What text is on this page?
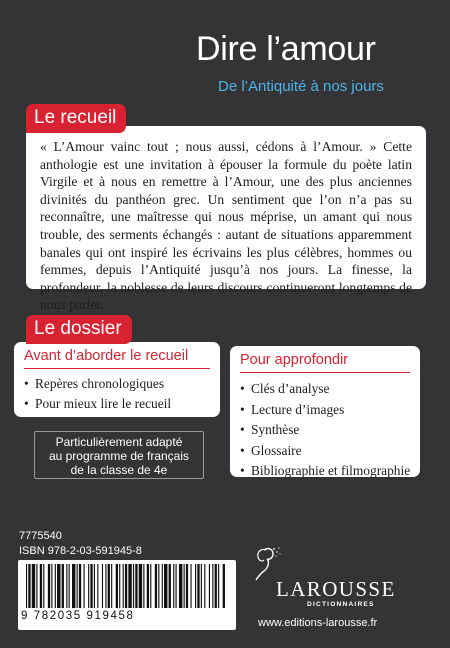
Dire l’amour
De l’Antiquité à nos jours
Le recueil

« L’Amour vainc tout ; nous aussi, cédons à l’Amour. » Cette anthologie est une invitation à épouser la formule du poète latin Virgile et à nous en remettre à l’Amour, une des plus anciennes divinités du panthéon grec. Un sentiment que l’on n’a pas su reconnaître, une maîtresse qui nous méprise, un amant qui nous trouble, des serments échangés : autant de situations apparemment banales qui ont inspiré les écrivains les plus célèbres, hommes ou femmes, depuis l’Antiquité jusqu’à nos jours. La finesse, la profondeur, la noblesse de leurs discours continueront longtemps de nous parler.

Le dossier
Avant d’aborder le recueil
• Repères chronologiques
• Pour mieux lire le recueil
Pour approfondir
• Clés d’analyse
• Lecture d’images
• Synthèse
• Glossaire
• Bibliographie et filmographie

Particulièrement adapté

au programme de français

de la classe de 4e

7775540
ISBN 978-2-03-591945-8
9 782035 919458
LAROUSSE
DICTIONNAIRES
www.editions-larousse.fr
